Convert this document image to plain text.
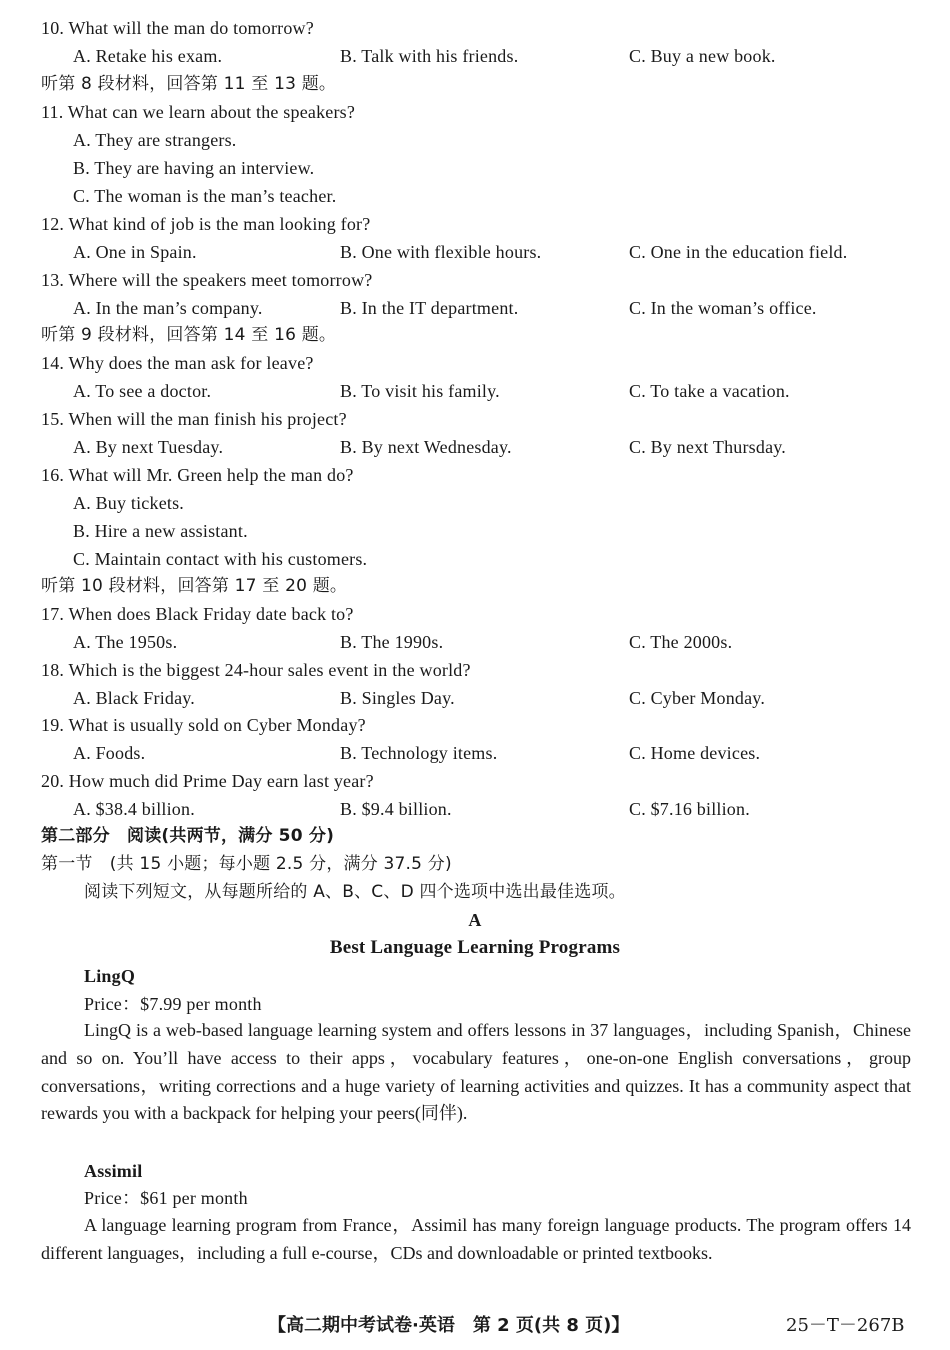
10. What will the man do tomorrow?
A. Retake his exam.	B. Talk with his friends.	C. Buy a new book.
听第 8 段材料，回答第 11 至 13 题。
11. What can we learn about the speakers?
A. They are strangers.
B. They are having an interview.
C. The woman is the man’s teacher.
12. What kind of job is the man looking for?
A. One in Spain.	B. One with flexible hours.	C. One in the education field.
13. Where will the speakers meet tomorrow?
A. In the man’s company.	B. In the IT department.	C. In the woman’s office.
听第 9 段材料，回答第 14 至 16 题。
14. Why does the man ask for leave?
A. To see a doctor.	B. To visit his family.	C. To take a vacation.
15. When will the man finish his project?
A. By next Tuesday.	B. By next Wednesday.	C. By next Thursday.
16. What will Mr. Green help the man do?
A. Buy tickets.
B. Hire a new assistant.
C. Maintain contact with his customers.
听第 10 段材料，回答第 17 至 20 题。
17. When does Black Friday date back to?
A. The 1950s.	B. The 1990s.	C. The 2000s.
18. Which is the biggest 24-hour sales event in the world?
A. Black Friday.	B. Singles Day.	C. Cyber Monday.
19. What is usually sold on Cyber Monday?
A. Foods.	B. Technology items.	C. Home devices.
20. How much did Prime Day earn last year?
A. $38.4 billion.	B. $9.4 billion.	C. $7.16 billion.
第二部分　阅读(共两节，满分 50 分)
第一节　(共 15 小题；每小题 2.5 分，满分 37.5 分)
阅读下列短文，从每题所给的 A、B、C、D 四个选项中选出最佳选项。
A
Best Language Learning Programs
LingQ
Price：$7.99 per month
LingQ is a web-based language learning system and offers lessons in 37 languages，including Spanish，Chinese and so on. You’ll have access to their apps，vocabulary features，one-on-one English conversations，group conversations，writing corrections and a huge variety of learning activities and quizzes. It has a community aspect that rewards you with a backpack for helping your peers(同伴).
Assimil
Price：$61 per month
A language learning program from France，Assimil has many foreign language products. The program offers 14 different languages，including a full e-course，CDs and downloadable or printed textbooks.
【高二期中考试卷·英语　第 2 页(共 8 页)】	25－T－267B
